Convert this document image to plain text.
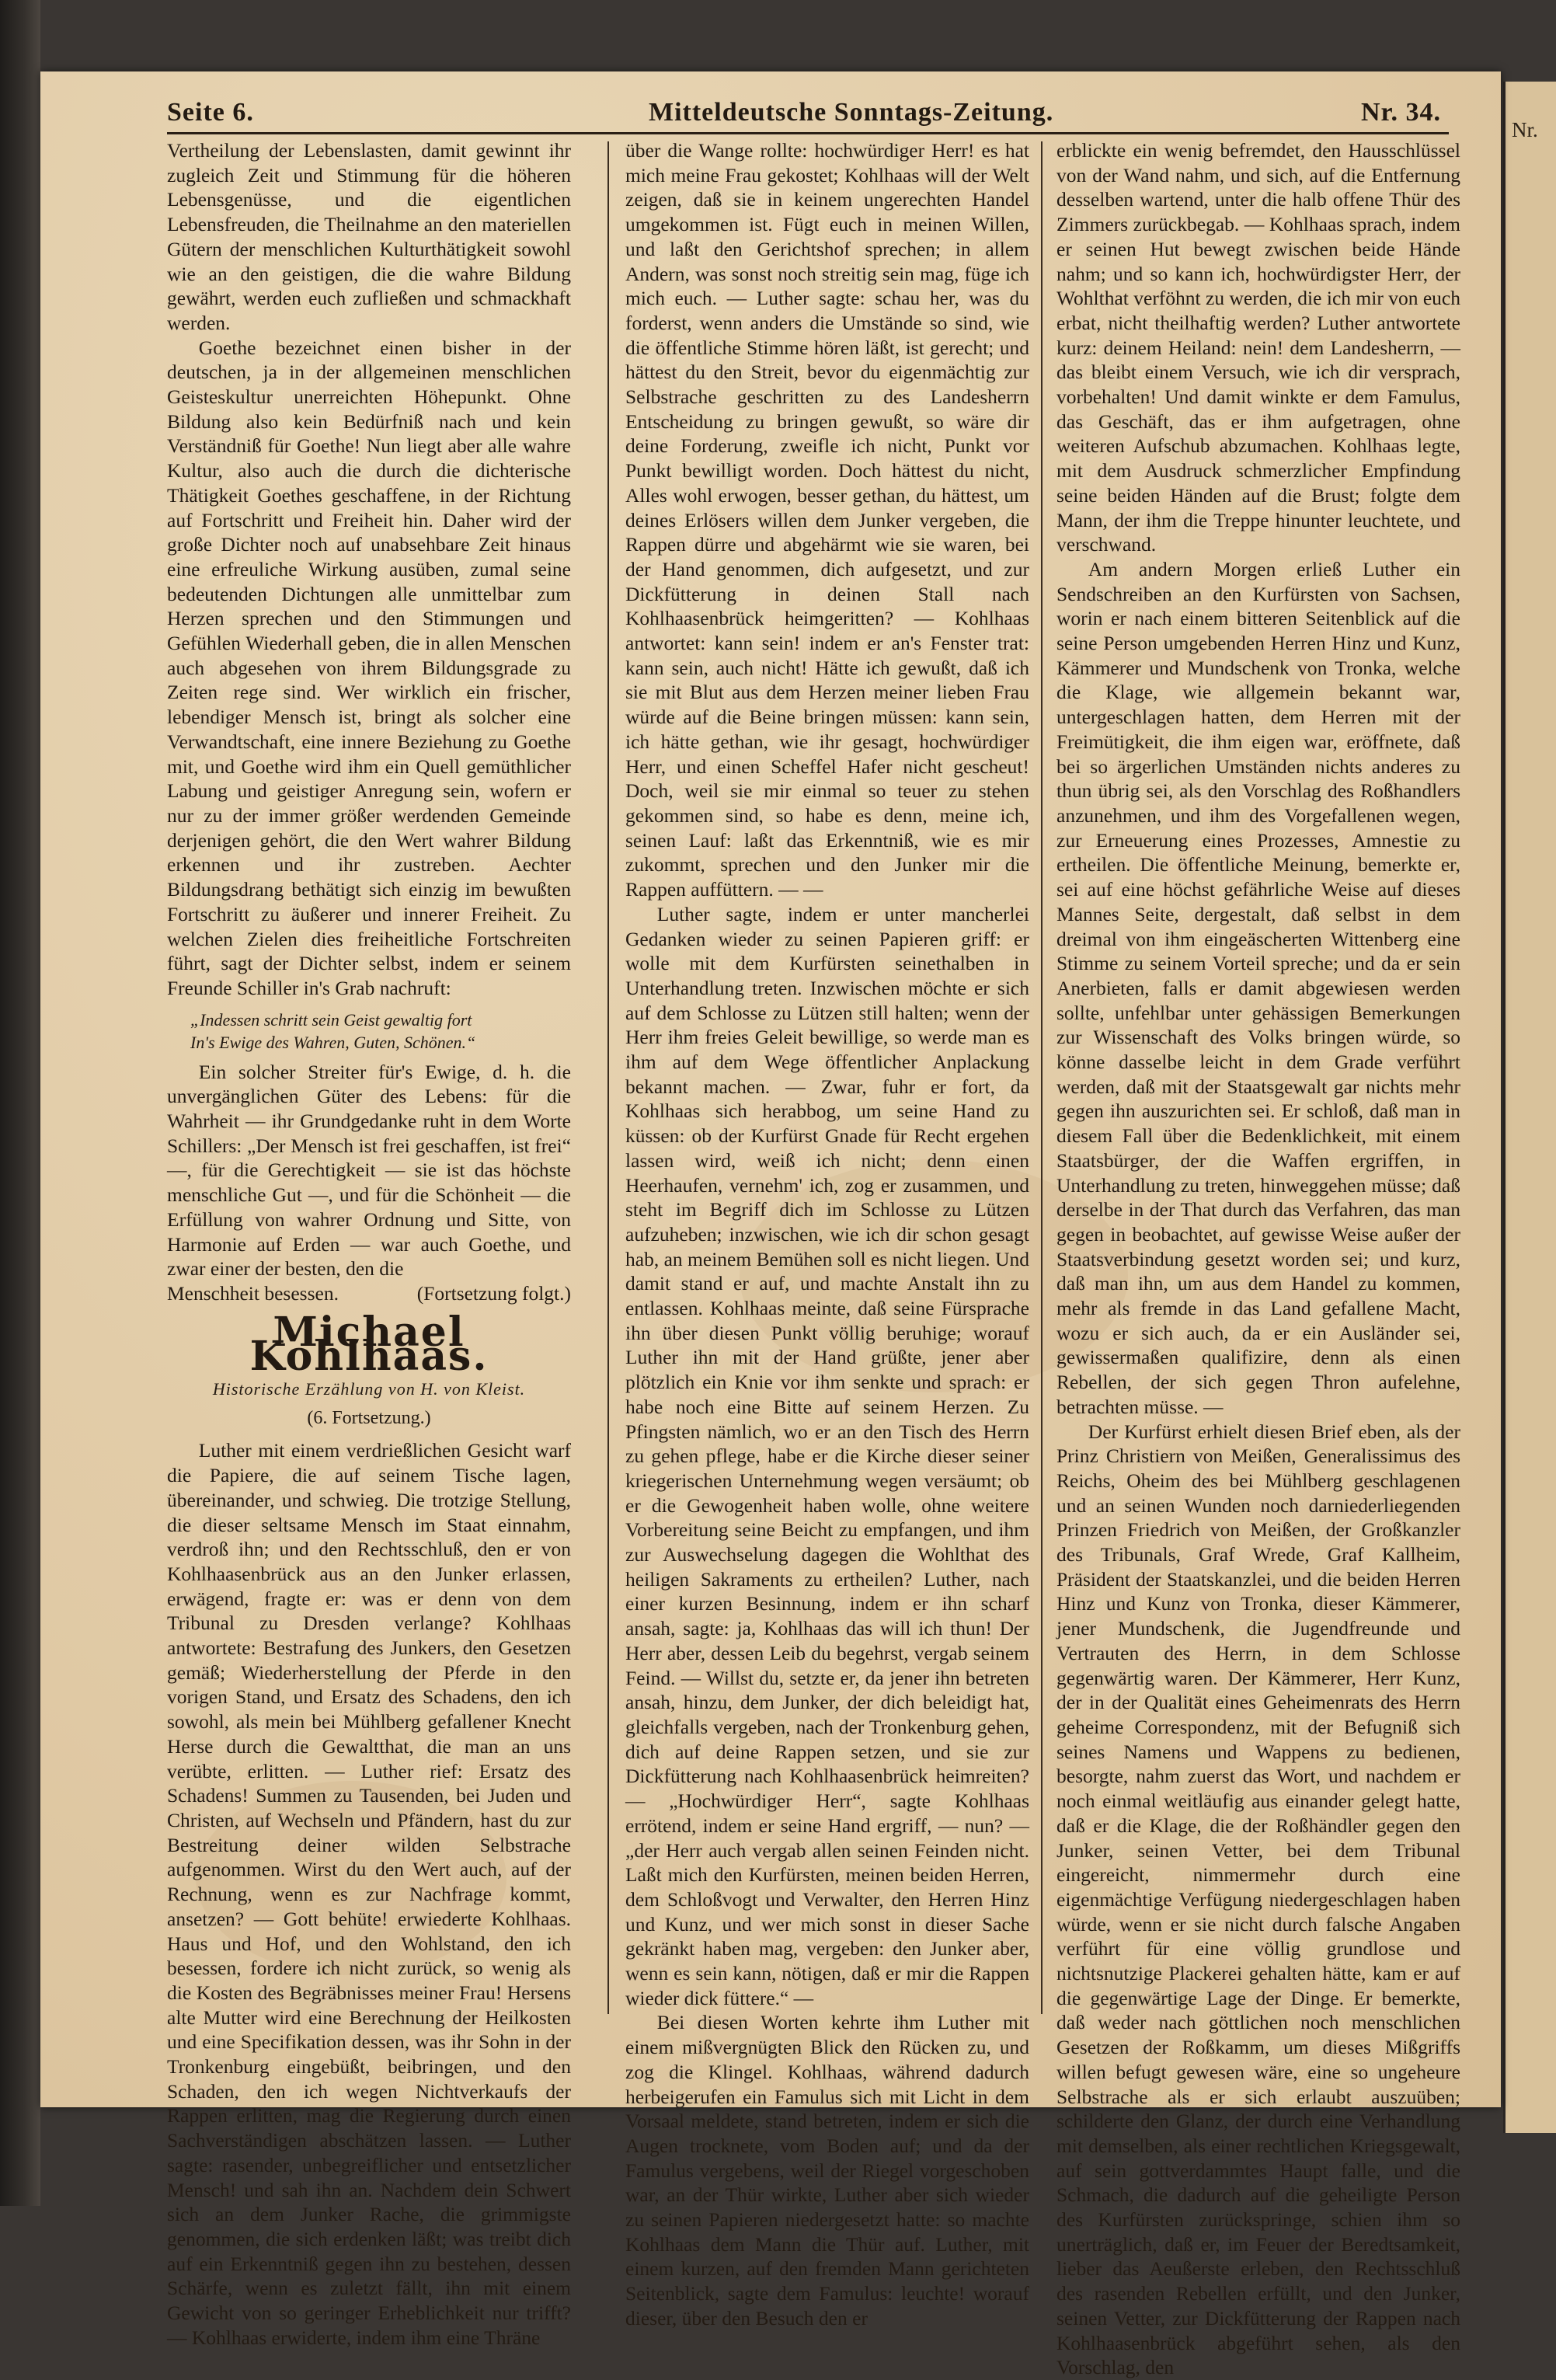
Nr.
Seite 6.	Mitteldeutsche Sonntags-Zeitung.	Nr. 34.

Vertheilung der Lebenslasten, damit gewinnt ihr zugleich Zeit und Stimmung für die höheren Lebensgenüsse, und die eigentlichen Lebensfreuden, die Theilnahme an den materiellen Gütern der menschlichen Kulturthätigkeit sowohl wie an den geistigen, die die wahre Bildung gewährt, werden euch zufließen und schmackhaft werden.

Goethe bezeichnet einen bisher in der deutschen, ja in der allgemeinen menschlichen Geisteskultur unerreichten Höhepunkt. Ohne Bildung also kein Bedürfniß nach und kein Verständniß für Goethe! Nun liegt aber alle wahre Kultur, also auch die durch die dichterische Thätigkeit Goethes geschaffene, in der Richtung auf Fortschritt und Freiheit hin. Daher wird der große Dichter noch auf unabsehbare Zeit hinaus eine erfreuliche Wirkung ausüben, zumal seine bedeutenden Dichtungen alle unmittelbar zum Herzen sprechen und den Stimmungen und Gefühlen Wiederhall geben, die in allen Menschen auch abgesehen von ihrem Bildungsgrade zu Zeiten rege sind. Wer wirklich ein frischer, lebendiger Mensch ist, bringt als solcher eine Verwandtschaft, eine innere Beziehung zu Goethe mit, und Goethe wird ihm ein Quell gemüthlicher Labung und geistiger Anregung sein, wofern er nur zu der immer größer werdenden Gemeinde derjenigen gehört, die den Wert wahrer Bildung erkennen und ihr zustreben. Aechter Bildungsdrang bethätigt sich einzig im bewußten Fortschritt zu äußerer und innerer Freiheit. Zu welchen Zielen dies freiheitliche Fortschreiten führt, sagt der Dichter selbst, indem er seinem Freunde Schiller in's Grab nachruft:

„Indessen schritt sein Geist gewaltig fort
In's Ewige des Wahren, Guten, Schönen.“

Ein solcher Streiter für's Ewige, d. h. die unvergänglichen Güter des Lebens: für die Wahrheit — ihr Grundgedanke ruht in dem Worte Schillers: „Der Mensch ist frei geschaffen, ist frei“ —, für die Gerechtigkeit — sie ist das höchste menschliche Gut —, und für die Schönheit — die Erfüllung von wahrer Ordnung und Sitte, von Harmonie auf Erden — war auch Goethe, und zwar einer der besten, den die

Menschheit besessen.	(Fortsetzung folgt.)
Michael Kohlhaas.
Historische Erzählung von H. von Kleist.
(6. Fortsetzung.)

Luther mit einem verdrießlichen Gesicht warf die Papiere, die auf seinem Tische lagen, übereinander, und schwieg. Die trotzige Stellung, die dieser seltsame Mensch im Staat einnahm, verdroß ihn; und den Rechtsschluß, den er von Kohlhaasenbrück aus an den Junker erlassen, erwägend, fragte er: was er denn von dem Tribunal zu Dresden verlange? Kohlhaas antwortete: Bestrafung des Junkers, den Gesetzen gemäß; Wiederherstellung der Pferde in den vorigen Stand, und Ersatz des Schadens, den ich sowohl, als mein bei Mühlberg gefallener Knecht Herse durch die Gewaltthat, die man an uns verübte, erlitten. — Luther rief: Ersatz des Schadens! Summen zu Tausenden, bei Juden und Christen, auf Wechseln und Pfändern, hast du zur Bestreitung deiner wilden Selbstrache aufgenommen. Wirst du den Wert auch, auf der Rechnung, wenn es zur Nachfrage kommt, ansetzen? — Gott behüte! erwiederte Kohlhaas. Haus und Hof, und den Wohlstand, den ich besessen, fordere ich nicht zurück, so wenig als die Kosten des Begräbnisses meiner Frau! Hersens alte Mutter wird eine Berechnung der Heilkosten und eine Specifikation dessen, was ihr Sohn in der Tronkenburg eingebüßt, beibringen, und den Schaden, den ich wegen Nichtverkaufs der Rappen erlitten, mag die Regierung durch einen Sachverständigen abschätzen lassen. — Luther sagte: rasender, unbegreiflicher und entsetzlicher Mensch! und sah ihn an. Nachdem dein Schwert sich an dem Junker Rache, die grimmigste genommen, die sich erdenken läßt; was treibt dich auf ein Erkenntniß gegen ihn zu bestehen, dessen Schärfe, wenn es zuletzt fällt, ihn mit einem Gewicht von so geringer Erheblichkeit nur trifft? — Kohlhaas erwiderte, indem ihm eine Thräne

über die Wange rollte: hochwürdiger Herr! es hat mich meine Frau gekostet; Kohlhaas will der Welt zeigen, daß sie in keinem ungerechten Handel umgekommen ist. Fügt euch in meinen Willen, und laßt den Gerichtshof sprechen; in allem Andern, was sonst noch streitig sein mag, füge ich mich euch. — Luther sagte: schau her, was du forderst, wenn anders die Umstände so sind, wie die öffentliche Stimme hören läßt, ist gerecht; und hättest du den Streit, bevor du eigenmächtig zur Selbstrache geschritten zu des Landesherrn Entscheidung zu bringen gewußt, so wäre dir deine Forderung, zweifle ich nicht, Punkt vor Punkt bewilligt worden. Doch hättest du nicht, Alles wohl erwogen, besser gethan, du hättest, um deines Erlösers willen dem Junker vergeben, die Rappen dürre und abgehärmt wie sie waren, bei der Hand genommen, dich aufgesetzt, und zur Dickfütterung in deinen Stall nach Kohlhaasenbrück heimgeritten? — Kohlhaas antwortet: kann sein! indem er an's Fenster trat: kann sein, auch nicht! Hätte ich gewußt, daß ich sie mit Blut aus dem Herzen meiner lieben Frau würde auf die Beine bringen müssen: kann sein, ich hätte gethan, wie ihr gesagt, hochwürdiger Herr, und einen Scheffel Hafer nicht gescheut! Doch, weil sie mir einmal so teuer zu stehen gekommen sind, so habe es denn, meine ich, seinen Lauf: laßt das Erkenntniß, wie es mir zukommt, sprechen und den Junker mir die Rappen auffüttern. — —

Luther sagte, indem er unter mancherlei Gedanken wieder zu seinen Papieren griff: er wolle mit dem Kurfürsten seinethalben in Unterhandlung treten. Inzwischen möchte er sich auf dem Schlosse zu Lützen still halten; wenn der Herr ihm freies Geleit bewillige, so werde man es ihm auf dem Wege öffentlicher Anplackung bekannt machen. — Zwar, fuhr er fort, da Kohlhaas sich herabbog, um seine Hand zu küssen: ob der Kurfürst Gnade für Recht ergehen lassen wird, weiß ich nicht; denn einen Heerhaufen, vernehm' ich, zog er zusammen, und steht im Begriff dich im Schlosse zu Lützen aufzuheben; inzwischen, wie ich dir schon gesagt hab, an meinem Bemühen soll es nicht liegen. Und damit stand er auf, und machte Anstalt ihn zu entlassen. Kohlhaas meinte, daß seine Fürsprache ihn über diesen Punkt völlig beruhige; worauf Luther ihn mit der Hand grüßte, jener aber plötzlich ein Knie vor ihm senkte und sprach: er habe noch eine Bitte auf seinem Herzen. Zu Pfingsten nämlich, wo er an den Tisch des Herrn zu gehen pflege, habe er die Kirche dieser seiner kriegerischen Unternehmung wegen versäumt; ob er die Gewogenheit haben wolle, ohne weitere Vorbereitung seine Beicht zu empfangen, und ihm zur Auswechselung dagegen die Wohlthat des heiligen Sakraments zu ertheilen? Luther, nach einer kurzen Besinnung, indem er ihn scharf ansah, sagte: ja, Kohlhaas das will ich thun! Der Herr aber, dessen Leib du begehrst, vergab seinem Feind. — Willst du, setzte er, da jener ihn betreten ansah, hinzu, dem Junker, der dich beleidigt hat, gleichfalls vergeben, nach der Tronkenburg gehen, dich auf deine Rappen setzen, und sie zur Dickfütterung nach Kohlhaasenbrück heimreiten? — „Hochwürdiger Herr“, sagte Kohlhaas errötend, indem er seine Hand ergriff, — nun? — „der Herr auch vergab allen seinen Feinden nicht. Laßt mich den Kurfürsten, meinen beiden Herren, dem Schloßvogt und Verwalter, den Herren Hinz und Kunz, und wer mich sonst in dieser Sache gekränkt haben mag, vergeben: den Junker aber, wenn es sein kann, nötigen, daß er mir die Rappen wieder dick füttere.“ —

Bei diesen Worten kehrte ihm Luther mit einem mißvergnügten Blick den Rücken zu, und zog die Klingel. Kohlhaas, während dadurch herbeigerufen ein Famulus sich mit Licht in dem Vorsaal meldete, stand betreten, indem er sich die Augen trocknete, vom Boden auf; und da der Famulus vergebens, weil der Riegel vorgeschoben war, an der Thür wirkte, Luther aber sich wieder zu seinen Papieren niedergesetzt hatte: so machte Kohlhaas dem Mann die Thür auf. Luther, mit einem kurzen, auf den fremden Mann gerichteten Seitenblick, sagte dem Famulus: leuchte! worauf dieser, über den Besuch den er

erblickte ein wenig befremdet, den Hausschlüssel von der Wand nahm, und sich, auf die Entfernung desselben wartend, unter die halb offene Thür des Zimmers zurückbegab. — Kohlhaas sprach, indem er seinen Hut bewegt zwischen beide Hände nahm; und so kann ich, hochwürdigster Herr, der Wohlthat verföhnt zu werden, die ich mir von euch erbat, nicht theilhaftig werden? Luther antwortete kurz: deinem Heiland: nein! dem Landesherrn, — das bleibt einem Versuch, wie ich dir versprach, vorbehalten! Und damit winkte er dem Famulus, das Geschäft, das er ihm aufgetragen, ohne weiteren Aufschub abzumachen. Kohlhaas legte, mit dem Ausdruck schmerzlicher Empfindung seine beiden Händen auf die Brust; folgte dem Mann, der ihm die Treppe hinunter leuchtete, und verschwand.

Am andern Morgen erließ Luther ein Sendschreiben an den Kurfürsten von Sachsen, worin er nach einem bitteren Seitenblick auf die seine Person umgebenden Herren Hinz und Kunz, Kämmerer und Mundschenk von Tronka, welche die Klage, wie allgemein bekannt war, untergeschlagen hatten, dem Herren mit der Freimütigkeit, die ihm eigen war, eröffnete, daß bei so ärgerlichen Umständen nichts anderes zu thun übrig sei, als den Vorschlag des Roßhandlers anzunehmen, und ihm des Vorgefallenen wegen, zur Erneuerung eines Prozesses, Amnestie zu ertheilen. Die öffentliche Meinung, bemerkte er, sei auf eine höchst gefährliche Weise auf dieses Mannes Seite, dergestalt, daß selbst in dem dreimal von ihm eingeäscherten Wittenberg eine Stimme zu seinem Vorteil spreche; und da er sein Anerbieten, falls er damit abgewiesen werden sollte, unfehlbar unter gehässigen Bemerkungen zur Wissenschaft des Volks bringen würde, so könne dasselbe leicht in dem Grade verführt werden, daß mit der Staatsgewalt gar nichts mehr gegen ihn auszurichten sei. Er schloß, daß man in diesem Fall über die Bedenklichkeit, mit einem Staatsbürger, der die Waffen ergriffen, in Unterhandlung zu treten, hinweggehen müsse; daß derselbe in der That durch das Verfahren, das man gegen in beobachtet, auf gewisse Weise außer der Staatsverbindung gesetzt worden sei; und kurz, daß man ihn, um aus dem Handel zu kommen, mehr als fremde in das Land gefallene Macht, wozu er sich auch, da er ein Ausländer sei, gewissermaßen qualifizire, denn als einen Rebellen, der sich gegen Thron aufelehne, betrachten müsse. —

Der Kurfürst erhielt diesen Brief eben, als der Prinz Christiern von Meißen, Generalissimus des Reichs, Oheim des bei Mühlberg geschlagenen und an seinen Wunden noch darniederliegenden Prinzen Friedrich von Meißen, der Großkanzler des Tribunals, Graf Wrede, Graf Kallheim, Präsident der Staatskanzlei, und die beiden Herren Hinz und Kunz von Tronka, dieser Kämmerer, jener Mundschenk, die Jugendfreunde und Vertrauten des Herrn, in dem Schlosse gegenwärtig waren. Der Kämmerer, Herr Kunz, der in der Qualität eines Geheimenrats des Herrn geheime Correspondenz, mit der Befugniß sich seines Namens und Wappens zu bedienen, besorgte, nahm zuerst das Wort, und nachdem er noch einmal weitläufig aus einander gelegt hatte, daß er die Klage, die der Roßhändler gegen den Junker, seinen Vetter, bei dem Tribunal eingereicht, nimmermehr durch eine eigenmächtige Verfügung niedergeschlagen haben würde, wenn er sie nicht durch falsche Angaben verführt für eine völlig grundlose und nichtsnutzige Plackerei gehalten hätte, kam er auf die gegenwärtige Lage der Dinge. Er bemerkte, daß weder nach göttlichen noch menschlichen Gesetzen der Roßkamm, um dieses Mißgriffs willen befugt gewesen wäre, eine so ungeheure Selbstrache als er sich erlaubt auszuüben; schilderte den Glanz, der durch eine Verhandlung mit demselben, als einer rechtlichen Kriegsgewalt, auf sein gottverdammtes Haupt falle, und die Schmach, die dadurch auf die geheiligte Person des Kurfürsten zurückspringe, schien ihm so unerträglich, daß er, im Feuer der Beredtsamkeit, lieber das Aeußerste erleben, den Rechtsschluß des rasenden Rebellen erfüllt, und den Junker, seinen Vetter, zur Dickfütterung der Rappen nach Kohlhaasenbrück abgeführt sehen, als den Vorschlag, den
